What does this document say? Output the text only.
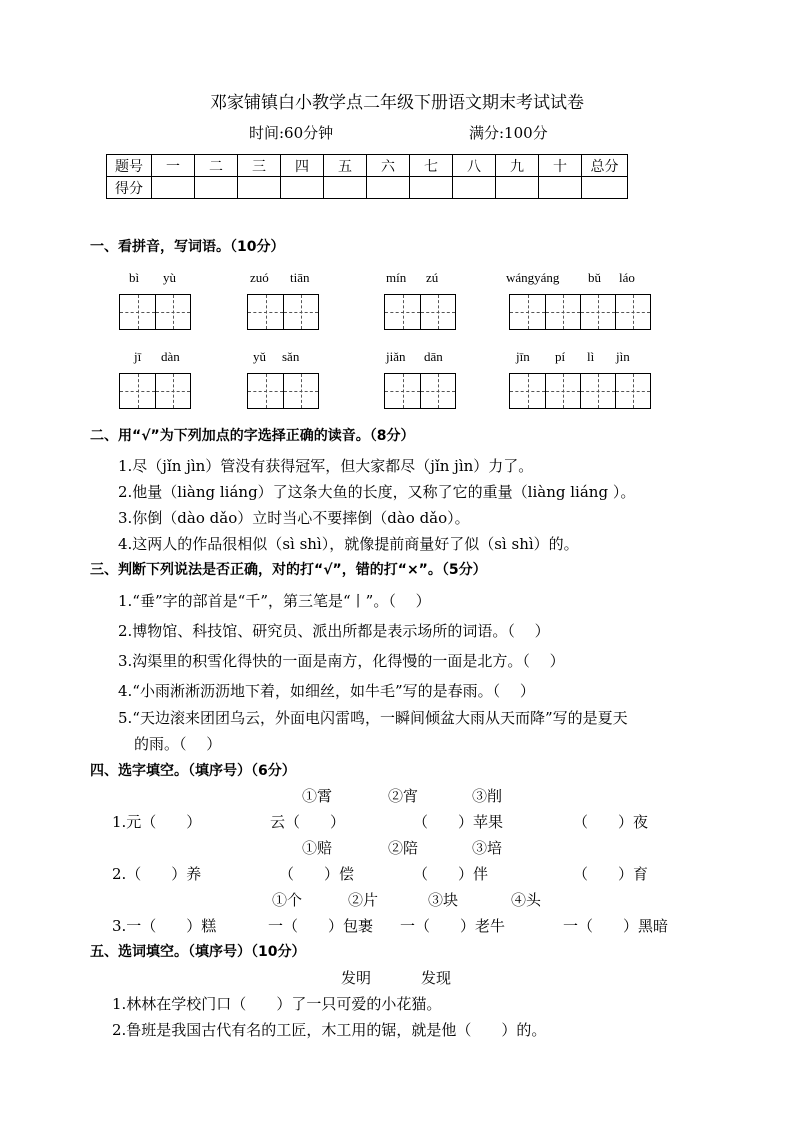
邓家铺镇白小教学点二年级下册语文期末考试试卷
时间:60分钟	满分:100分
题号	一	二	三	四	五	六	七	八	九	十	总分
得分											
一、看拼音，写词语。（10分）
bì yù	zuó tiān	mín zú	wángyáng bǔ láo
jī dàn	yǔ sǎn	jiǎn dān	jīn pí lì jìn
二、用“√”为下列加点的字选择正确的读音。（8分）
1.尽（jǐn jìn）管没有获得冠军，但大家都尽（jǐn jìn）力了。
2.他量（liàng liáng）了这条大鱼的长度，又称了它的重量（liàng liáng ）。
3.你倒（dào dǎo）立时当心不要摔倒（dào dǎo）。
4.这两人的作品很相似（sì shì），就像提前商量好了似（sì shì）的。
三、判断下列说法是否正确，对的打“√”，错的打“×”。（5分）
1.“垂”字的部首是“千”，第三笔是“丨”。（　 ）
2.博物馆、科技馆、研究员、派出所都是表示场所的词语。（　 ）
3.沟渠里的积雪化得快的一面是南方，化得慢的一面是北方。（　 ）
4.“小雨淅淅沥沥地下着，如细丝，如牛毛”写的是春雨。（　 ）
5.“天边滚来团团乌云，外面电闪雷鸣，一瞬间倾盆大雨从天而降”写的是夏天
的雨。（　 ）
四、选字填空。（填序号）（6分）
①霄	②宵	③削
1.元（　　）	云（　　）	（　　）苹果	（　　）夜
①赔	②陪	③培
2.（　　）养	（　　）偿	（　　）伴	（　　）育
①个	②片	③块	④头
3.一（　　）糕	一（　　）包裹 一（　　）老牛	一（　　）黑暗
五、选词填空。（填序号）（10分）
发明	发现
1.林林在学校门口（　　）了一只可爱的小花猫。
2.鲁班是我国古代有名的工匠，木工用的锯，就是他（　　）的。
